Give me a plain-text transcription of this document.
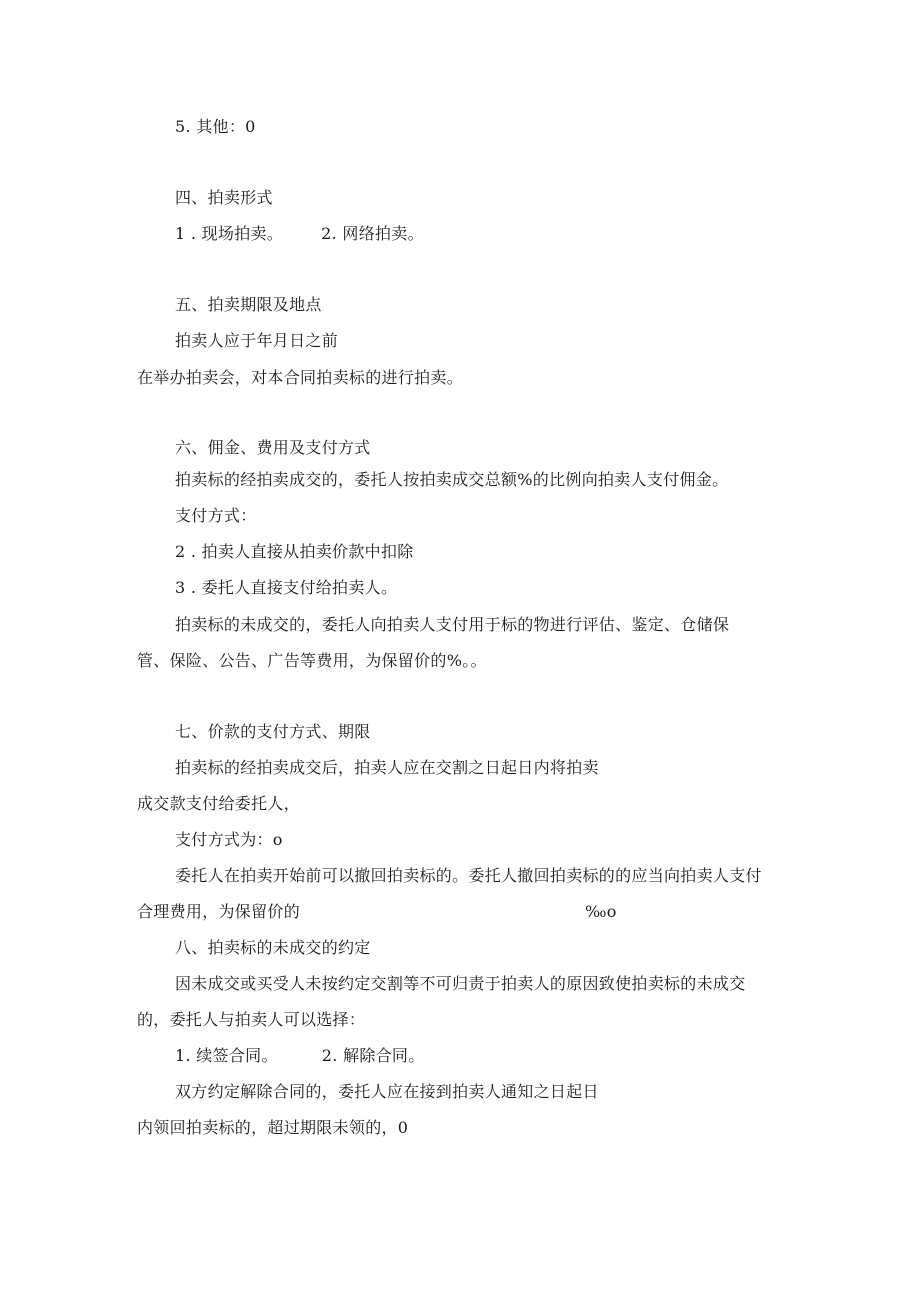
5. 其他：0
四、拍卖形式
1 . 现场拍卖。 2. 网络拍卖。
五、拍卖期限及地点
拍卖人应于年月日之前
在举办拍卖会，对本合同拍卖标的进行拍卖。
六、佣金、费用及支付方式
拍卖标的经拍卖成交的，委托人按拍卖成交总额%的比例向拍卖人支付佣金。
支付方式：
2 . 拍卖人直接从拍卖价款中扣除
3 . 委托人直接支付给拍卖人。
拍卖标的未成交的，委托人向拍卖人支付用于标的物进行评估、鉴定、仓储保
管、保险、公告、广告等费用，为保留价的%。。
七、价款的支付方式、期限
拍卖标的经拍卖成交后，拍卖人应在交割之日起日内将拍卖
成交款支付给委托人，
支付方式为：o
委托人在拍卖开始前可以撤回拍卖标的。委托人撤回拍卖标的的应当向拍卖人支付
合理费用，为保留价的	‰o
八、拍卖标的未成交的约定
因未成交或买受人未按约定交割等不可归责于拍卖人的原因致使拍卖标的未成交
的，委托人与拍卖人可以选择：
1. 续签合同。	2. 解除合同。
双方约定解除合同的，委托人应在接到拍卖人通知之日起日
内领回拍卖标的，超过期限未领的，0
